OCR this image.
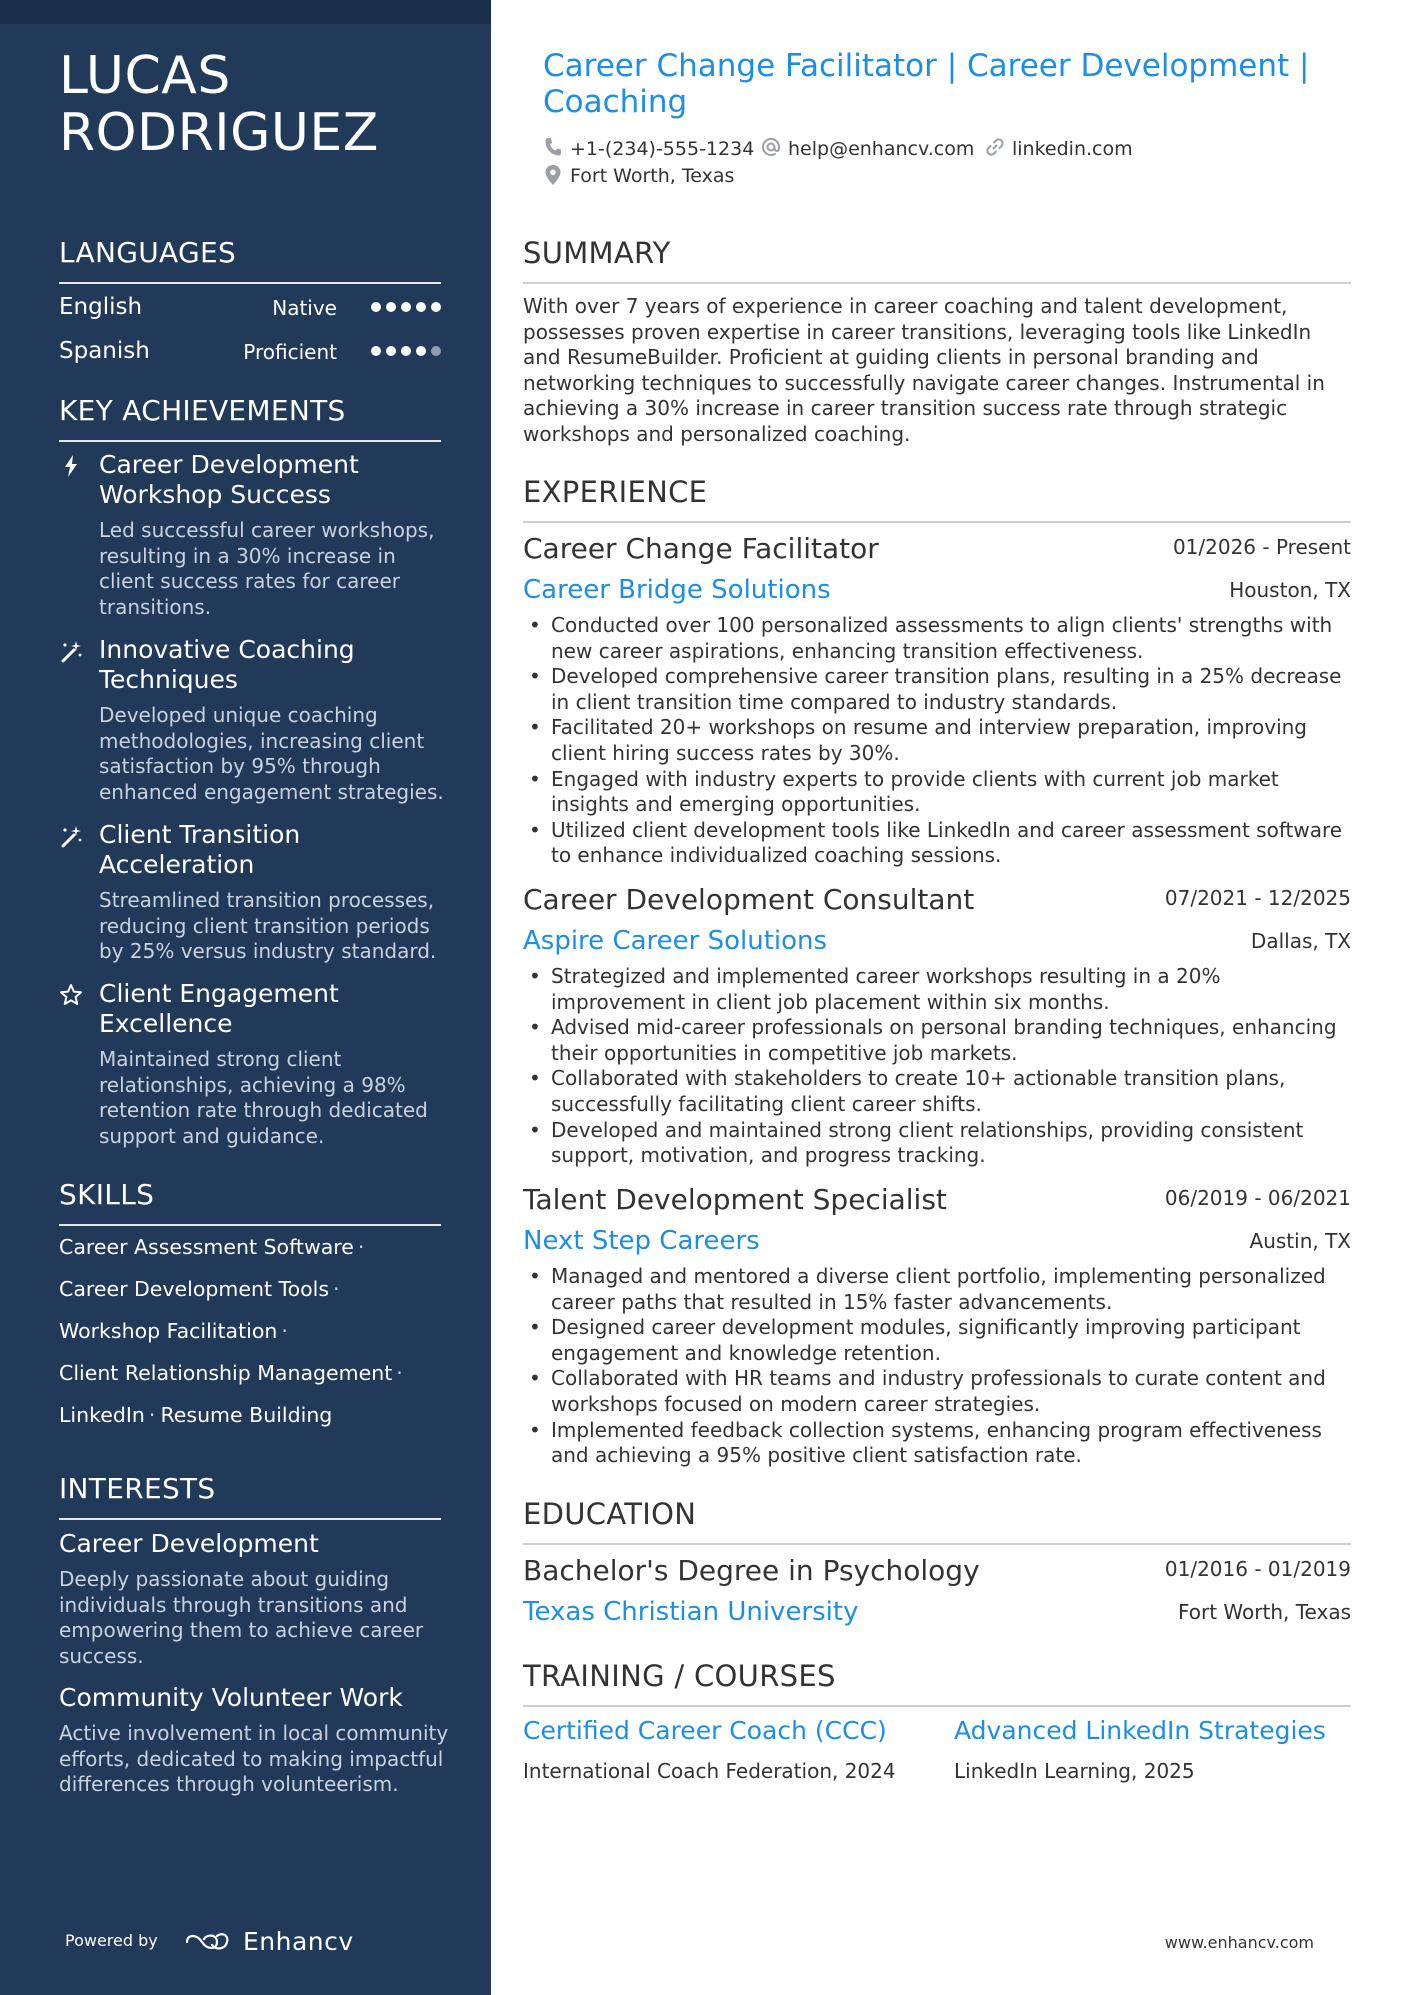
LUCAS RODRIGUEZ
LANGUAGES
English	Native
Spanish	Proficient
KEY ACHIEVEMENTS
Career Development Workshop Success
Led successful career workshops, resulting in a 30% increase in client success rates for career transitions.
Innovative Coaching Techniques
Developed unique coaching methodologies, increasing client satisfaction by 95% through enhanced engagement strategies.
Client Transition Acceleration
Streamlined transition processes, reducing client transition periods by 25% versus industry standard.
Client Engagement Excellence
Maintained strong client relationships, achieving a 98% retention rate through dedicated support and guidance.
SKILLS
Career Assessment Software ·
Career Development Tools ·
Workshop Facilitation ·
Client Relationship Management ·
LinkedIn · Resume Building
INTERESTS
Career Development
Deeply passionate about guiding individuals through transitions and empowering them to achieve career success.
Community Volunteer Work
Active involvement in local community efforts, dedicated to making impactful differences through volunteerism.
Powered by	Enhancv
Career Change Facilitator | Career Development | Coaching
+1-(234)-555-1234 help@enhancv.com linkedin.com
Fort Worth, Texas
SUMMARY
With over 7 years of experience in career coaching and talent development, possesses proven expertise in career transitions, leveraging tools like LinkedIn and ResumeBuilder. Proficient at guiding clients in personal branding and networking techniques to successfully navigate career changes. Instrumental in achieving a 30% increase in career transition success rate through strategic workshops and personalized coaching.
EXPERIENCE
Career Change Facilitator	01/2026 - Present
Career Bridge Solutions	Houston, TX
• Conducted over 100 personalized assessments to align clients' strengths with new career aspirations, enhancing transition effectiveness.
• Developed comprehensive career transition plans, resulting in a 25% decrease in client transition time compared to industry standards.
• Facilitated 20+ workshops on resume and interview preparation, improving client hiring success rates by 30%.
• Engaged with industry experts to provide clients with current job market insights and emerging opportunities.
• Utilized client development tools like LinkedIn and career assessment software to enhance individualized coaching sessions.
Career Development Consultant	07/2021 - 12/2025
Aspire Career Solutions	Dallas, TX
• Strategized and implemented career workshops resulting in a 20% improvement in client job placement within six months.
• Advised mid-career professionals on personal branding techniques, enhancing their opportunities in competitive job markets.
• Collaborated with stakeholders to create 10+ actionable transition plans, successfully facilitating client career shifts.
• Developed and maintained strong client relationships, providing consistent support, motivation, and progress tracking.
Talent Development Specialist	06/2019 - 06/2021
Next Step Careers	Austin, TX
• Managed and mentored a diverse client portfolio, implementing personalized career paths that resulted in 15% faster advancements.
• Designed career development modules, significantly improving participant engagement and knowledge retention.
• Collaborated with HR teams and industry professionals to curate content and workshops focused on modern career strategies.
• Implemented feedback collection systems, enhancing program effectiveness and achieving a 95% positive client satisfaction rate.
EDUCATION
Bachelor's Degree in Psychology	01/2016 - 01/2019
Texas Christian University	Fort Worth, Texas
TRAINING / COURSES
Certified Career Coach (CCC)
International Coach Federation, 2024
Advanced LinkedIn Strategies
LinkedIn Learning, 2025
www.enhancv.com
